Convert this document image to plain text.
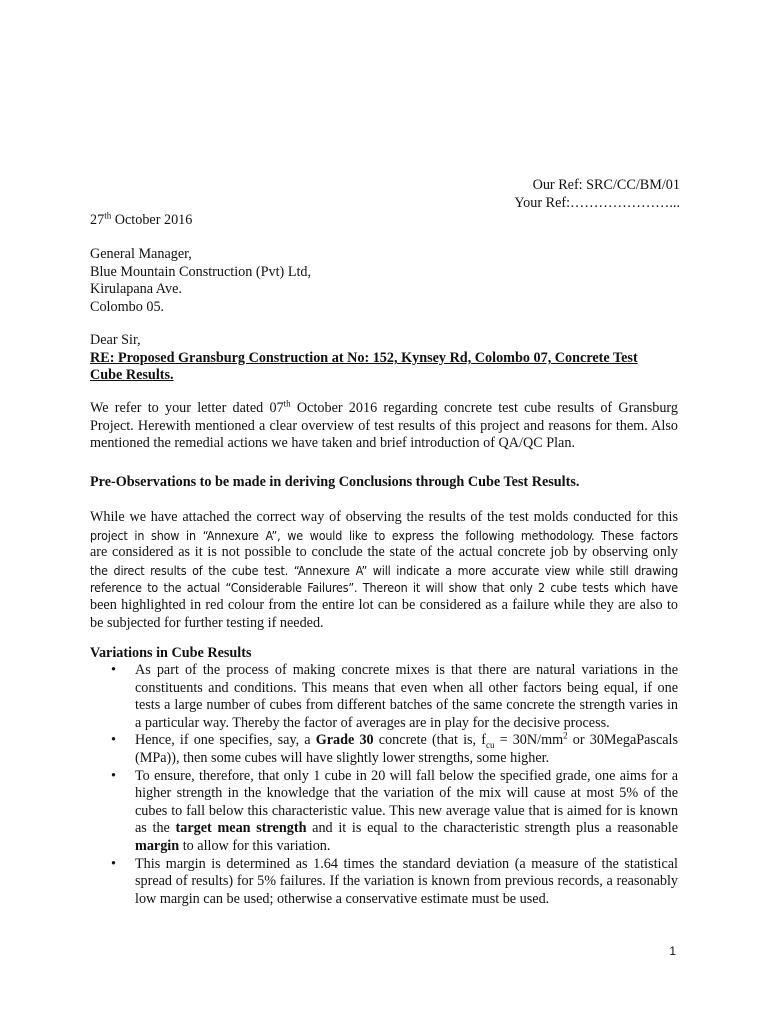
Our Ref: SRC/CC/BM/01
Your Ref:…………………...
27th October 2016
General Manager,
Blue Mountain Construction (Pvt) Ltd,
Kirulapana Ave.
Colombo 05.
Dear Sir,
RE: Proposed Gransburg Construction at No: 152, Kynsey Rd, Colombo 07, Concrete Test
Cube Results.
We refer to your letter dated 07th October 2016 regarding concrete test cube results of Gransburg Project. Herewith mentioned a clear overview of test results of this project and reasons for them. Also mentioned the remedial actions we have taken and brief introduction of QA/QC Plan.
Pre-Observations to be made in deriving Conclusions through Cube Test Results.
While we have attached the correct way of observing the results of the test molds conducted for this
project in show in “Annexure A”, we would like to express the following methodology. These factors
are considered as it is not possible to conclude the state of the actual concrete job by observing only
the direct results of the cube test. “Annexure A” will indicate a more accurate view while still drawing
reference to the actual “Considerable Failures”. Thereon it will show that only 2 cube tests which have
been highlighted in red colour from the entire lot can be considered as a failure while they are also to
be subjected for further testing if needed.
Variations in Cube Results
• As part of the process of making concrete mixes is that there are natural variations in the constituents and conditions. This means that even when all other factors being equal, if one tests a large number of cubes from different batches of the same concrete the strength varies in a particular way. Thereby the factor of averages are in play for the decisive process.
• Hence, if one specifies, say, a Grade 30 concrete (that is, $f_{cu} = 30N/mm^2$ or 30MegaPascals (MPa)), then some cubes will have slightly lower strengths, some higher.
• To ensure, therefore, that only 1 cube in 20 will fall below the specified grade, one aims for a higher strength in the knowledge that the variation of the mix will cause at most 5% of the cubes to fall below this characteristic value. This new average value that is aimed for is known as the target mean strength and it is equal to the characteristic strength plus a reasonable margin to allow for this variation.
• This margin is determined as 1.64 times the standard deviation (a measure of the statistical spread of results) for 5% failures. If the variation is known from previous records, a reasonably low margin can be used; otherwise a conservative estimate must be used.
1
